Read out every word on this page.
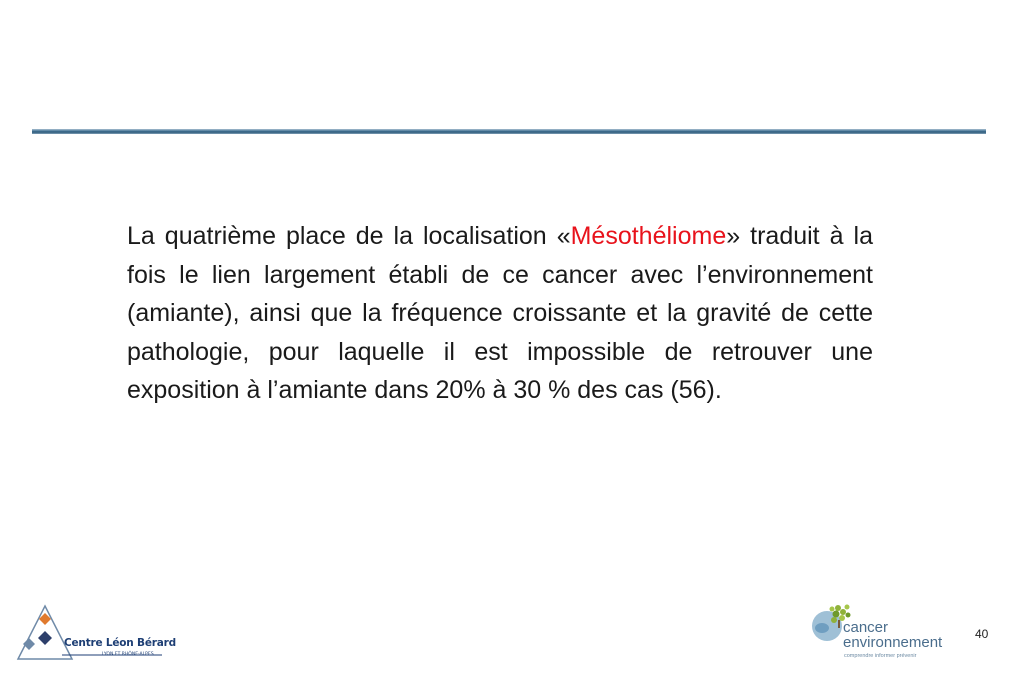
La quatrième place de la localisation «Mésothéliome» traduit à la fois le lien largement établi de ce cancer avec l’environnement (amiante), ainsi que la fréquence croissante et la gravité de cette pathologie, pour laquelle il est impossible de retrouver une exposition à l’amiante dans 20% à 30 % des cas (56).

Centre Léon Bérard
LYON ET RHÔNE-ALPES
cancer
environnement
comprendre informer prévenir
40
